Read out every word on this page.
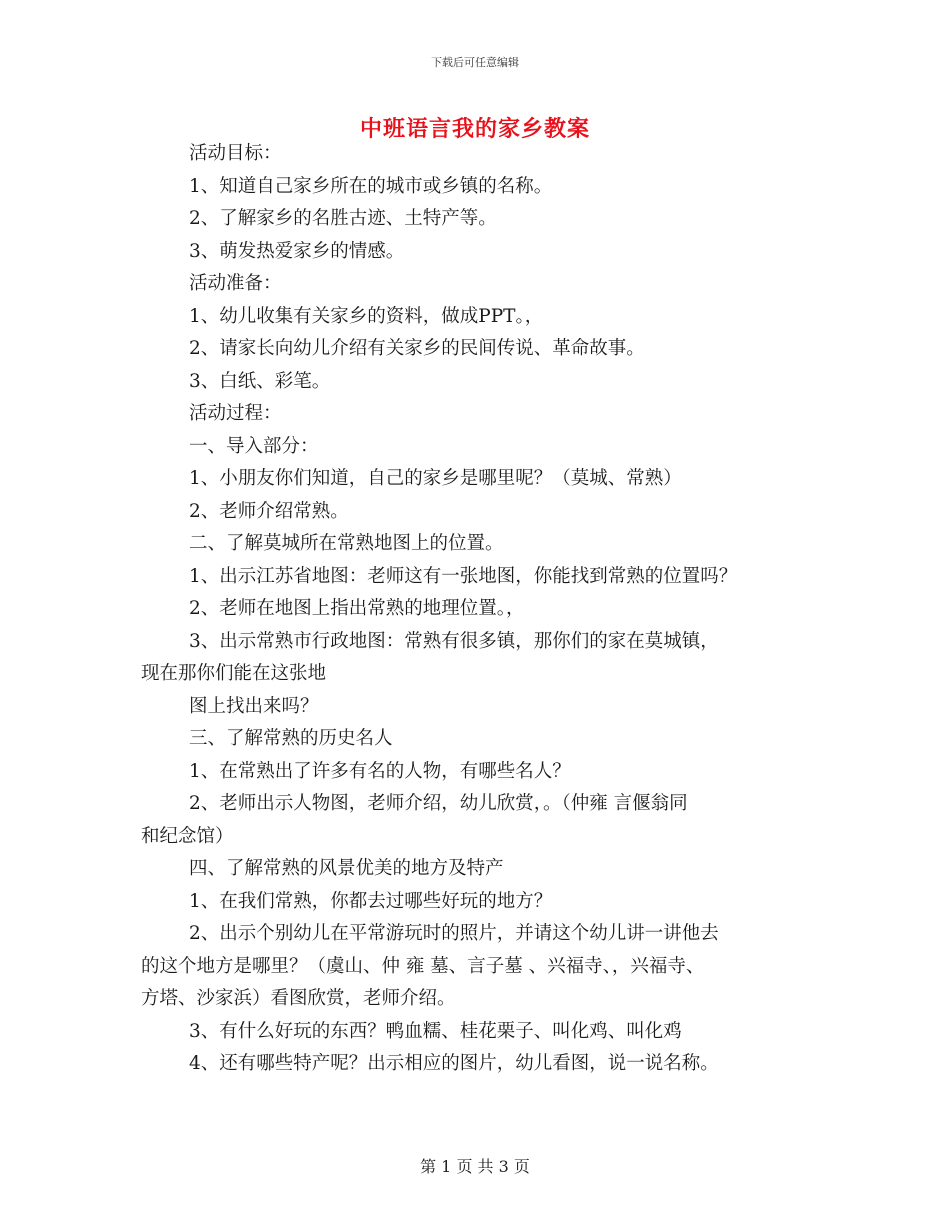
下载后可任意编辑
中班语言我的家乡教案

活动目标：

1、知道自己家乡所在的城市或乡镇的名称。

2、了解家乡的名胜古迹、土特产等。

3、萌发热爱家乡的情感。

活动准备：

1、幼儿收集有关家乡的资料，做成PPT。，

2、请家长向幼儿介绍有关家乡的民间传说、革命故事。

3、白纸、彩笔。

活动过程：

一、导入部分：

1、小朋友你们知道，自己的家乡是哪里呢？（莫城、常熟）

2、老师介绍常熟。

二、了解莫城所在常熟地图上的位置。

1、出示江苏省地图：老师这有一张地图，你能找到常熟的位置吗？

2、老师在地图上指出常熟的地理位置。，

3、出示常熟市行政地图：常熟有很多镇，那你们的家在莫城镇，

现在那你们能在这张地

图上找出来吗？

三、了解常熟的历史名人

1、在常熟出了许多有名的人物，有哪些名人？

2、老师出示人物图，老师介绍，幼儿欣赏，。（仲雍 言偃翁同

和纪念馆）

四、了解常熟的风景优美的地方及特产

1、在我们常熟，你都去过哪些好玩的地方？

2、出示个别幼儿在平常游玩时的照片，并请这个幼儿讲一讲他去

的这个地方是哪里？（虞山、仲 雍 墓、言子墓 、兴福寺、，兴福寺、

方塔、沙家浜）看图欣赏，老师介绍。

3、有什么好玩的东西？鸭血糯、桂花栗子、叫化鸡、叫化鸡

4、还有哪些特产呢？出示相应的图片，幼儿看图，说一说名称。

第 1 页 共 3 页
